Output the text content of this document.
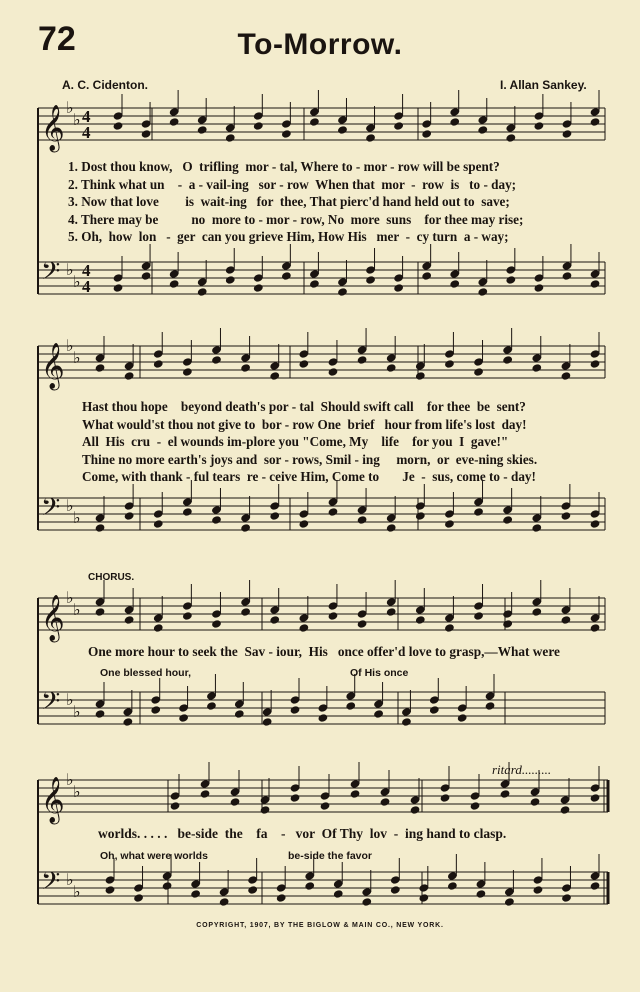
72	To-Morrow.
A. C. Cidenton.	I. Allan Sankey.
𝄞 ♭
♭ 4
4
𝄢 ♭
♭
4
4
𝄞 ♭
♭
𝄢 ♭
♭
𝄞 ♭
♭
𝄢 ♭
♭
𝄞 ♭
♭
𝄢 ♭
♭
1. Dost thou know,   O  trifling  mor - tal, Where to - mor - row will be spent?
2. Think what un    -  a - vail-ing   sor - row  When that  mor  -  row  is   to - day;
3. Now that love        is  wait-ing   for  thee, That pierc'd hand held out to  save;
4. There may be          no  more to - mor - row, No  more  suns    for thee may rise;
5. Oh,  how  lon   -  ger  can you grieve Him, How His   mer  -  cy turn  a - way;
Hast thou hope    beyond death's por - tal  Should swift call    for thee  be  sent?
What would'st thou not give to  bor - row One  brief   hour from life's lost  day!
All  His  cru  -  el wounds im-plore you "Come, My    life    for you  I  gave!"
Thine no more earth's joys and  sor - rows, Smil - ing     morn,  or  eve-ning skies.
Come, with thank - ful tears  re - ceive Him, Come to       Je  -  sus, come to - day!
CHORUS.
One more hour to seek the  Sav - iour,  His   once offer'd love to grasp,—What were
One blessed hour,	Of His once
ritard.........
worlds. . . . .   be-side  the    fa    -   vor  Of Thy  lov  -  ing hand to clasp.
Oh, what were worlds	be-side the favor
COPYRIGHT, 1907, BY THE BIGLOW & MAIN CO., NEW YORK.
